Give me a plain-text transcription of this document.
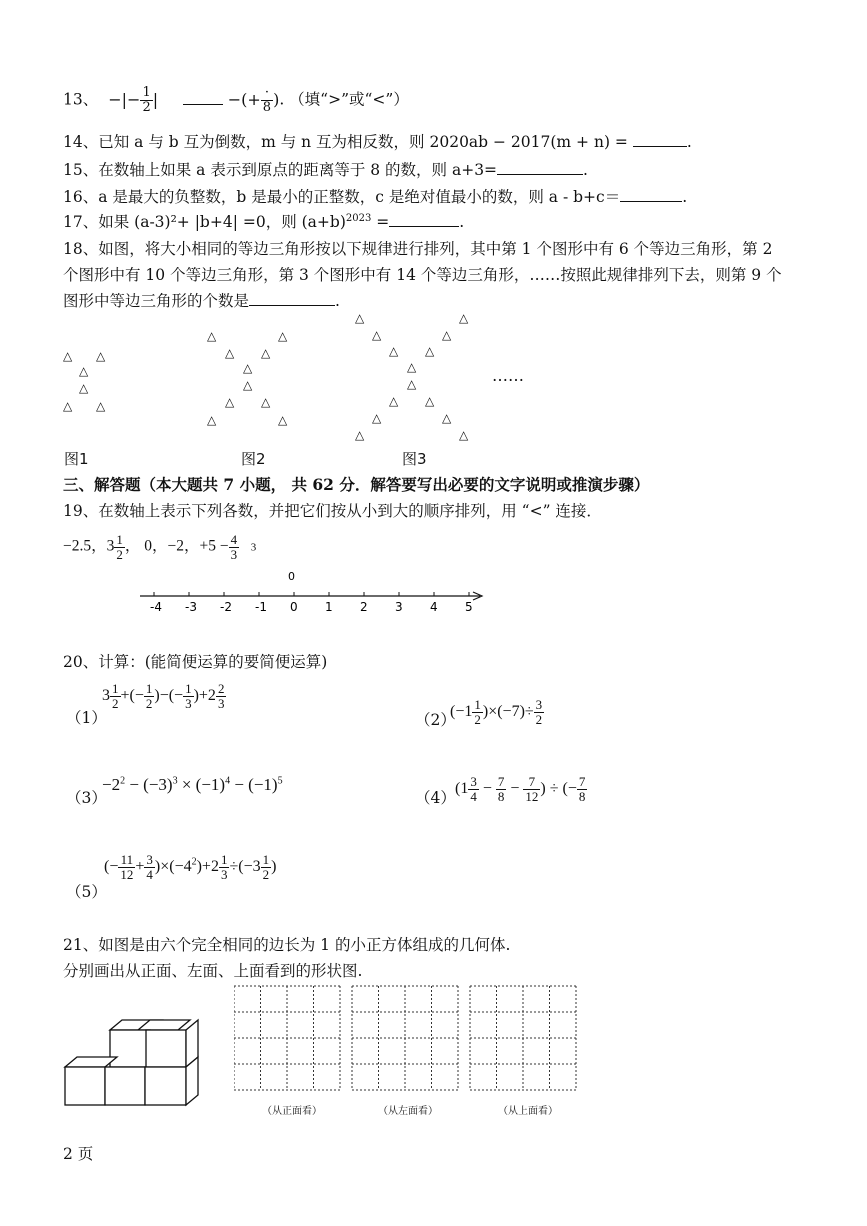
13、  −|− $\frac{1}{2}$ |	−(+ $\frac{\cdot}{8}$ ). （填“>”或“<”）
14、已知 a 与 b 互为倒数，m 与 n 互为相反数，则 2020ab − 2017(m + n) =	.
15、在数轴上如果 a 表示到原点的距离等于 8 的数，则 a+3=	.
16、a 是最大的负整数，b 是最小的正整数，c 是绝对值最小的数，则 a - b+c＝	.
17、如果 (a-3)²+ |b+4| =0，则 $(a+b)^{2023}$ =	.
18、如图，将大小相同的等边三角形按以下规律进行排列，其中第 1 个图形中有 6 个等边三角形，第 2
个图形中有 10 个等边三角形，第 3 个图形中有 14 个等边三角形，……按照此规律排列下去，则第 9 个
图形中等边三角形的个数是	.
△ △
△
△
△ △
△	△
△ △
△
△
△ △
△	△
△	△
△	△
△ △
△
△
△ △
△	△
△	△
……
图1	图2	图3
三、解答题（本大题共 7 小题， 共 62 分．解答要写出必要的文字说明或推演步骤）
19、在数轴上表示下列各数，并把它们按从小到大的顺序排列，用 “<” 连接．
−2.5，$3 \frac{1}{2}$ ， 0，−2，$+5 - \frac{4}{3} 3$
-4 -3 -2 -1 0 1 2 3 4 5
0
20、计算：(能简便运算的要简便运算)
（1）
$3 \frac{1}{2}$ +(− $\frac{1}{2}$ )−(− $\frac{1}{3} )+2 \frac{2}{3}$
（2）
$(-1 \frac{1}{2} )\times(-7)\div \frac{3}{2}$
（3）
$-2^2 - (-3)^3 \times (-1)^4 - (-1)^5$
（4）
($1 \frac{3}{4} - \frac{7}{8} - \frac{7}{12}$ ) ÷ (− $\frac{7}{8}$
（5）
(− $\frac{11}{12} + \frac{3}{4} )\times(-4^2)+2 \frac{1}{3} \div(-3 \frac{1}{2}$ )
21、如图是由六个完全相同的边长为 1 的小正方体组成的几何体.
分别画出从正面、左面、上面看到的形状图.
（从正面看）	（从左面看）	（从上面看）
2 页
